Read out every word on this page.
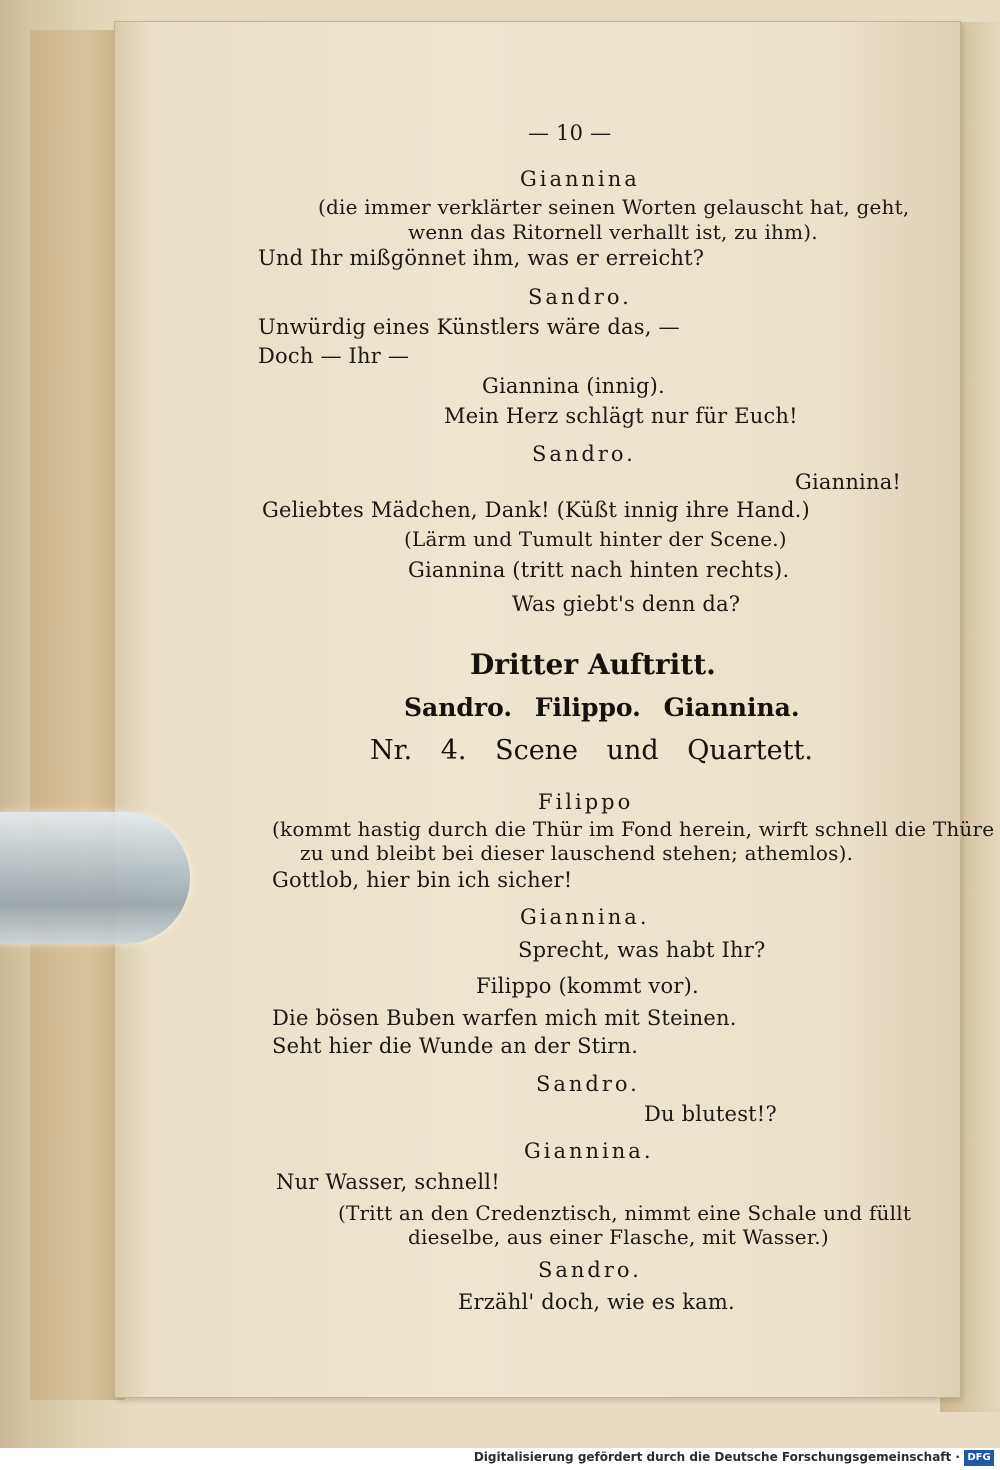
— 10 —

Giannina

(die immer verklärter seinen Worten gelauscht hat, geht,

wenn das Ritornell verhallt ist, zu ihm).

Und Ihr mißgönnet ihm, was er erreicht?

Sandro.

Unwürdig eines Künstlers wäre das, —

Doch — Ihr —

Giannina (innig).

Mein Herz schlägt nur für Euch!

Sandro.

Giannina!

Geliebtes Mädchen, Dank! (Küßt innig ihre Hand.)

(Lärm und Tumult hinter der Scene.)

Giannina (tritt nach hinten rechts).

Was giebt's denn da?

Dritter Auftritt.

Sandro. Filippo. Giannina.

Nr. 4. Scene und Quartett.

Filippo

(kommt hastig durch die Thür im Fond herein, wirft schnell die Thüre

zu und bleibt bei dieser lauschend stehen; athemlos).

Gottlob, hier bin ich sicher!

Giannina.

Sprecht, was habt Ihr?

Filippo (kommt vor).

Die bösen Buben warfen mich mit Steinen.

Seht hier die Wunde an der Stirn.

Sandro.

Du blutest!?

Giannina.

Nur Wasser, schnell!

(Tritt an den Credenztisch, nimmt eine Schale und füllt

dieselbe, aus einer Flasche, mit Wasser.)

Sandro.

Erzähl' doch, wie es kam.

Digitalisierung gefördert durch die Deutsche Forschungsgemeinschaft · DFG
